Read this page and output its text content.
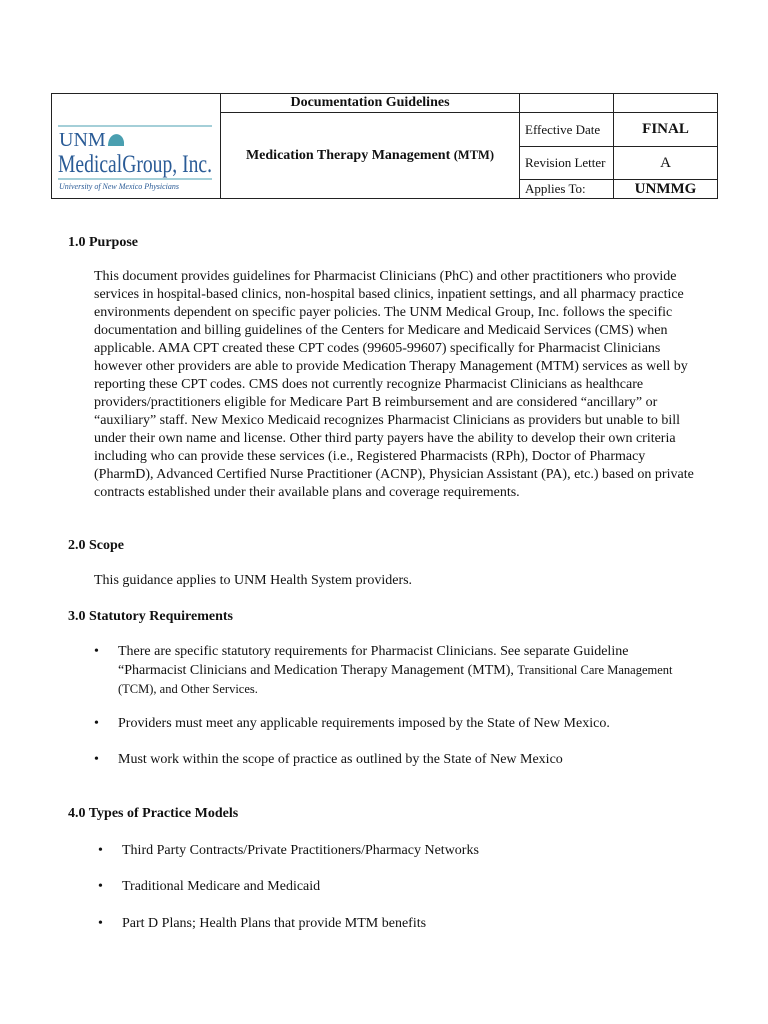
UNM
MedicalGroup, Inc.
University of New Mexico Physicians	Documentation Guidelines		
	Medication Therapy Management (MTM)	Effective Date	FINAL
		Revision Letter	A
		Applies To:	UNMMG
1.0 Purpose
This document provides guidelines for Pharmacist Clinicians (PhC) and other practitioners who provide services in hospital-based clinics, non-hospital based clinics, inpatient settings, and all pharmacy practice environments dependent on specific payer policies. The UNM Medical Group, Inc. follows the specific documentation and billing guidelines of the Centers for Medicare and Medicaid Services (CMS) when applicable. AMA CPT created these CPT codes (99605-99607) specifically for Pharmacist Clinicians however other providers are able to provide Medication Therapy Management (MTM) services as well by reporting these CPT codes. CMS does not currently recognize Pharmacist Clinicians as healthcare providers/practitioners eligible for Medicare Part B reimbursement and are considered “ancillary” or “auxiliary” staff. New Mexico Medicaid recognizes Pharmacist Clinicians as providers but unable to bill under their own name and license. Other third party payers have the ability to develop their own criteria including who can provide these services (i.e., Registered Pharmacists (RPh), Doctor of Pharmacy (PharmD), Advanced Certified Nurse Practitioner (ACNP), Physician Assistant (PA), etc.) based on private contracts established under their available plans and coverage requirements.
2.0 Scope
This guidance applies to UNM Health System providers.
3.0 Statutory Requirements
• There are specific statutory requirements for Pharmacist Clinicians. See separate Guideline “Pharmacist Clinicians and Medication Therapy Management (MTM), Transitional Care Management (TCM), and Other Services.
• Providers must meet any applicable requirements imposed by the State of New Mexico.
• Must work within the scope of practice as outlined by the State of New Mexico
4.0 Types of Practice Models
• Third Party Contracts/Private Practitioners/Pharmacy Networks
• Traditional Medicare and Medicaid
• Part D Plans; Health Plans that provide MTM benefits
